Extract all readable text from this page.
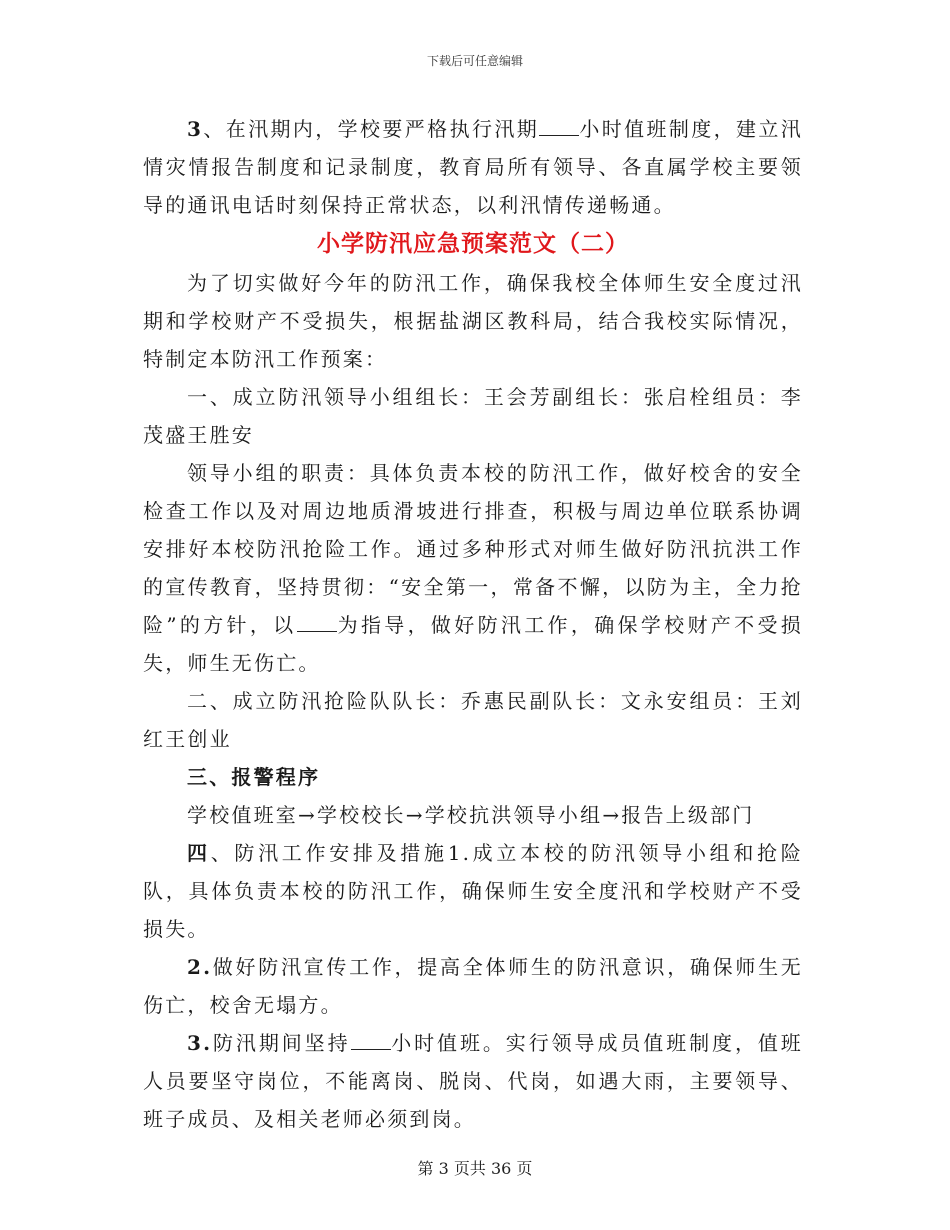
下载后可任意编辑

3、在汛期内，学校要严格执行汛期 小时值班制度，建立汛情灾情报告制度和记录制度，教育局所有领导、各直属学校主要领导的通讯电话时刻保持正常状态，以利汛情传递畅通。

小学防汛应急预案范文（二）

为了切实做好今年的防汛工作，确保我校全体师生安全度过汛期和学校财产不受损失，根据盐湖区教科局，结合我校实际情况，特制定本防汛工作预案：

一、成立防汛领导小组组长：王会芳副组长：张启栓组员：李茂盛王胜安

领导小组的职责：具体负责本校的防汛工作，做好校舍的安全检查工作以及对周边地质滑坡进行排查，积极与周边单位联系协调安排好本校防汛抢险工作。通过多种形式对师生做好防汛抗洪工作的宣传教育，坚持贯彻：“安全第一，常备不懈，以防为主，全力抢险”的方针，以 为指导，做好防汛工作，确保学校财产不受损失，师生无伤亡。

二、成立防汛抢险队队长：乔惠民副队长：文永安组员：王刘红王创业

三、报警程序

学校值班室→学校校长→学校抗洪领导小组→报告上级部门

四、防汛工作安排及措施1.成立本校的防汛领导小组和抢险队，具体负责本校的防汛工作，确保师生安全度汛和学校财产不受损失。

2.做好防汛宣传工作，提高全体师生的防汛意识，确保师生无伤亡，校舍无塌方。

3.防汛期间坚持 小时值班。实行领导成员值班制度，值班人员要坚守岗位，不能离岗、脱岗、代岗，如遇大雨，主要领导、班子成员、及相关老师必须到岗。

第 3 页共 36 页
